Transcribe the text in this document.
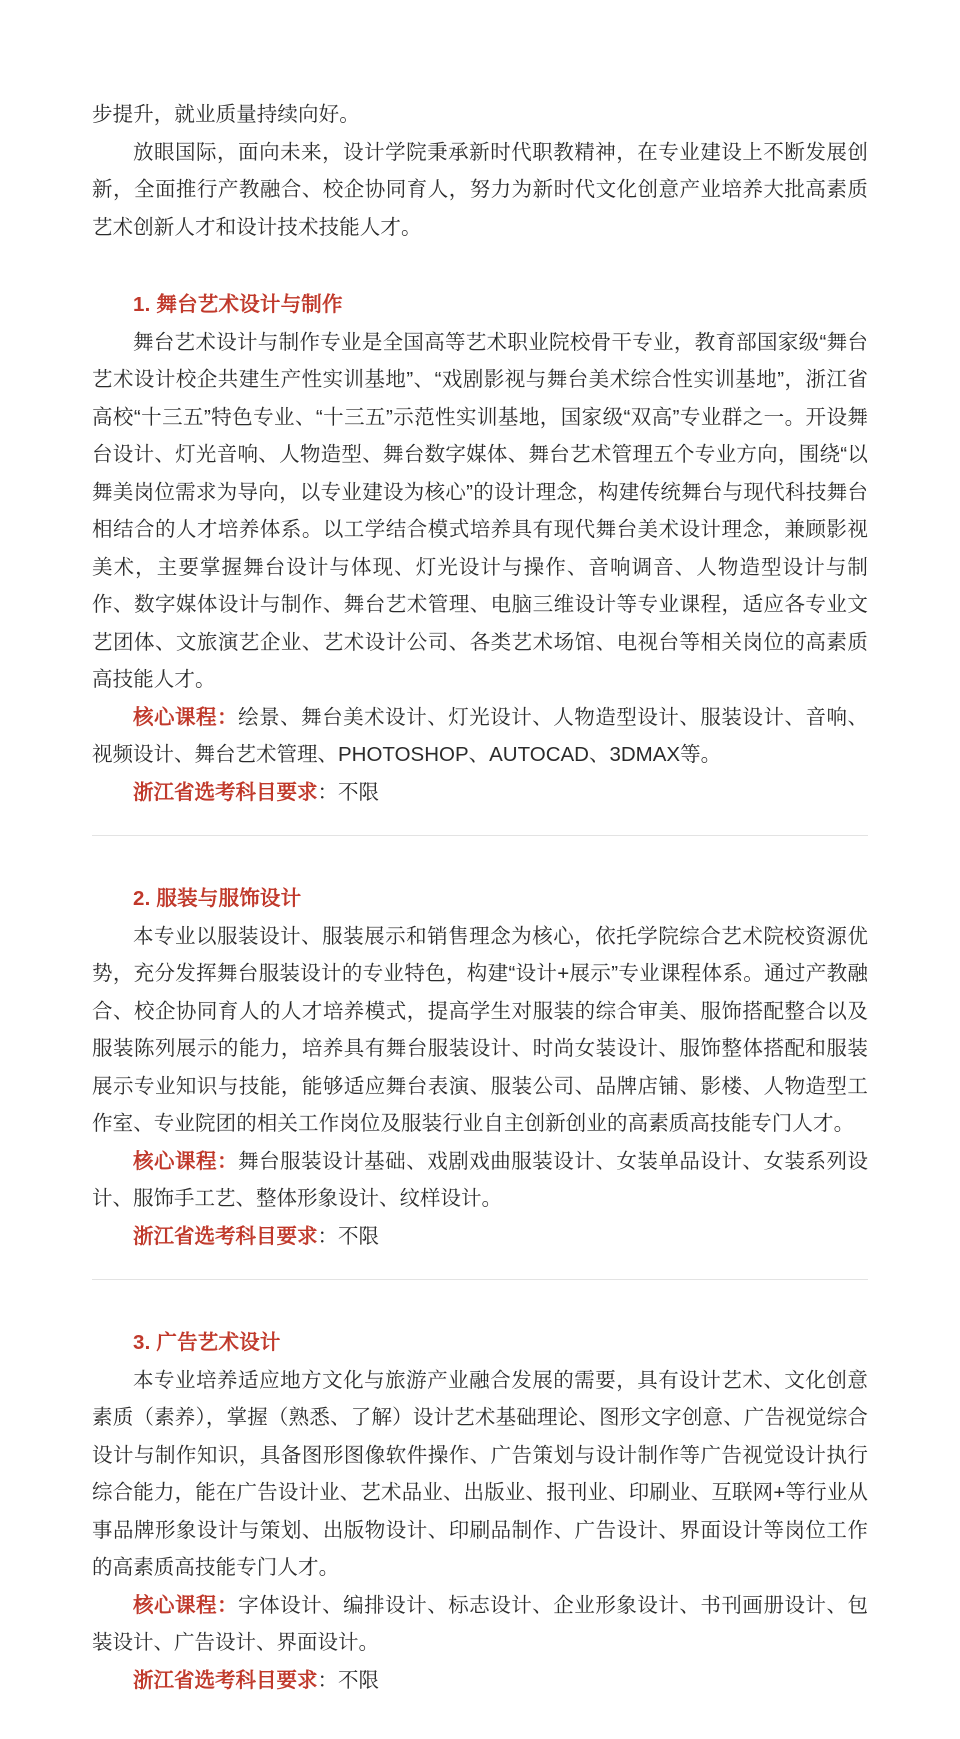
步提升，就业质量持续向好。

放眼国际，面向未来，设计学院秉承新时代职教精神，在专业建设上不断发展创新，全面推行产教融合、校企协同育人，努力为新时代文化创意产业培养大批高素质艺术创新人才和设计技术技能人才。

1. 舞台艺术设计与制作

舞台艺术设计与制作专业是全国高等艺术职业院校骨干专业，教育部国家级“舞台艺术设计校企共建生产性实训基地”、“戏剧影视与舞台美术综合性实训基地”，浙江省高校“十三五”特色专业、“十三五”示范性实训基地，国家级“双高”专业群之一。开设舞台设计、灯光音响、人物造型、舞台数字媒体、舞台艺术管理五个专业方向，围绕“以舞美岗位需求为导向，以专业建设为核心”的设计理念，构建传统舞台与现代科技舞台相结合的人才培养体系。以工学结合模式培养具有现代舞台美术设计理念，兼顾影视美术，主要掌握舞台设计与体现、灯光设计与操作、音响调音、人物造型设计与制作、数字媒体设计与制作、舞台艺术管理、电脑三维设计等专业课程，适应各专业文艺团体、文旅演艺企业、艺术设计公司、各类艺术场馆、电视台等相关岗位的高素质高技能人才。

核心课程：绘景、舞台美术设计、灯光设计、人物造型设计、服装设计、音响、视频设计、舞台艺术管理、PHOTOSHOP、AUTOCAD、3DMAX等。

浙江省选考科目要求：不限

2. 服装与服饰设计

本专业以服装设计、服装展示和销售理念为核心，依托学院综合艺术院校资源优势，充分发挥舞台服装设计的专业特色，构建“设计+展示”专业课程体系。通过产教融合、校企协同育人的人才培养模式，提高学生对服装的综合审美、服饰搭配整合以及服装陈列展示的能力，培养具有舞台服装设计、时尚女装设计、服饰整体搭配和服装展示专业知识与技能，能够适应舞台表演、服装公司、品牌店铺、影楼、人物造型工作室、专业院团的相关工作岗位及服装行业自主创新创业的高素质高技能专门人才。

核心课程：舞台服装设计基础、戏剧戏曲服装设计、女装单品设计、女装系列设计、服饰手工艺、整体形象设计、纹样设计。

浙江省选考科目要求：不限

3. 广告艺术设计

本专业培养适应地方文化与旅游产业融合发展的需要，具有设计艺术、文化创意素质（素养），掌握（熟悉、了解）设计艺术基础理论、图形文字创意、广告视觉综合设计与制作知识，具备图形图像软件操作、广告策划与设计制作等广告视觉设计执行综合能力，能在广告设计业、艺术品业、出版业、报刊业、印刷业、互联网+等行业从事品牌形象设计与策划、出版物设计、印刷品制作、广告设计、界面设计等岗位工作的高素质高技能专门人才。

核心课程：字体设计、编排设计、标志设计、企业形象设计、书刊画册设计、包装设计、广告设计、界面设计。

浙江省选考科目要求：不限
